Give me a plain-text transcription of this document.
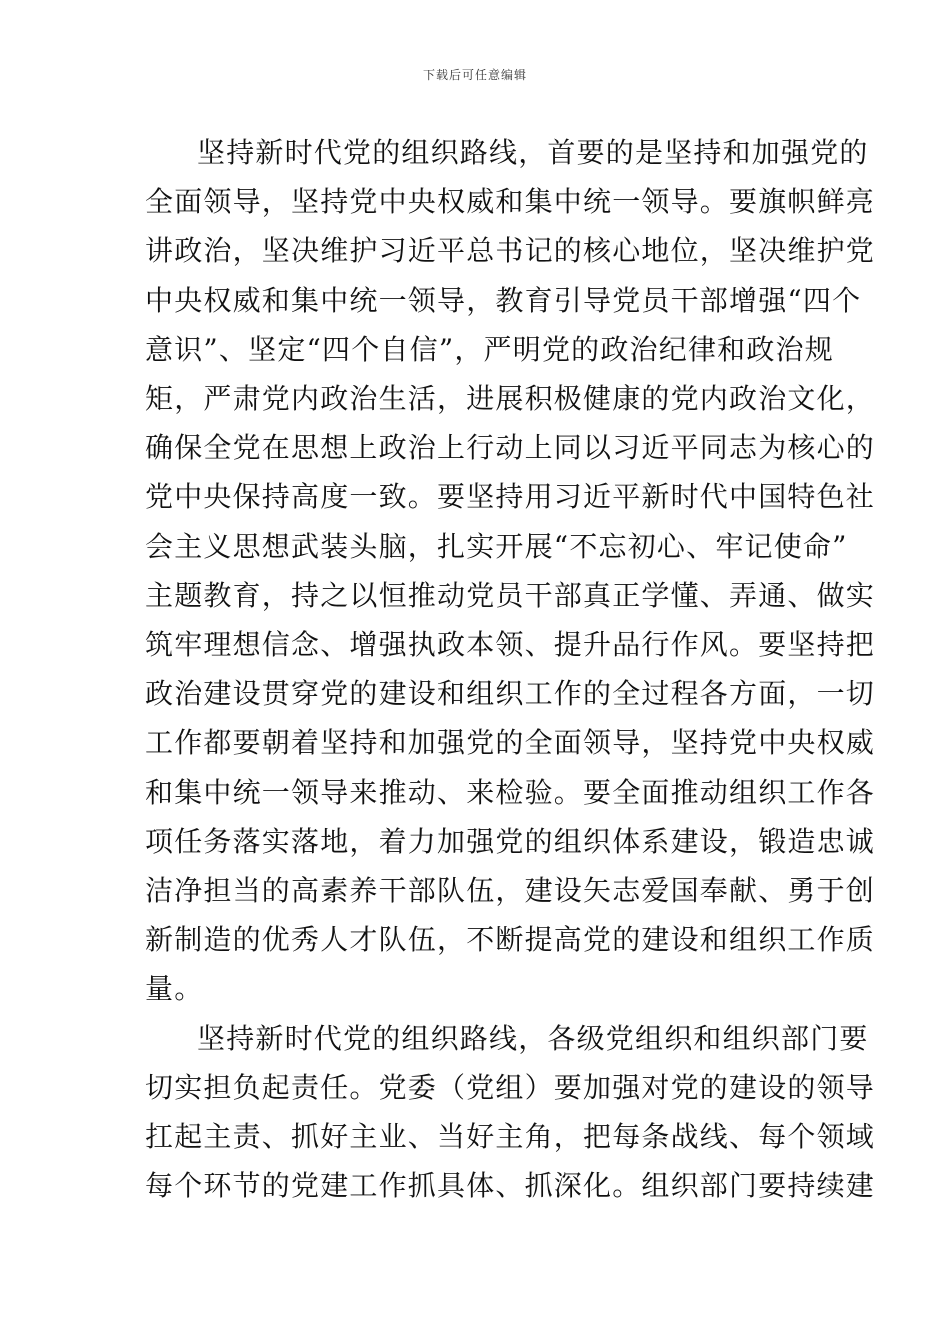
下载后可任意编辑
坚持新时代党的组织路线，首要的是坚持和加强党的
全面领导，坚持党中央权威和集中统一领导。要旗帜鲜亮
讲政治，坚决维护习近平总书记的核心地位，坚决维护党
中央权威和集中统一领导，教育引导党员干部增强“四个
意识”、坚定“四个自信”，严明党的政治纪律和政治规
矩，严肃党内政治生活，进展积极健康的党内政治文化，
确保全党在思想上政治上行动上同以习近平同志为核心的
党中央保持高度一致。要坚持用习近平新时代中国特色社
会主义思想武装头脑，扎实开展“不忘初心、牢记使命”
主题教育，持之以恒推动党员干部真正学懂、弄通、做实
筑牢理想信念、增强执政本领、提升品行作风。要坚持把
政治建设贯穿党的建设和组织工作的全过程各方面，一切
工作都要朝着坚持和加强党的全面领导，坚持党中央权威
和集中统一领导来推动、来检验。要全面推动组织工作各
项任务落实落地，着力加强党的组织体系建设，锻造忠诚
洁净担当的高素养干部队伍，建设矢志爱国奉献、勇于创
新制造的优秀人才队伍，不断提高党的建设和组织工作质
量。
坚持新时代党的组织路线，各级党组织和组织部门要
切实担负起责任。党委（党组）要加强对党的建设的领导
扛起主责、抓好主业、当好主角，把每条战线、每个领域
每个环节的党建工作抓具体、抓深化。组织部门要持续建
